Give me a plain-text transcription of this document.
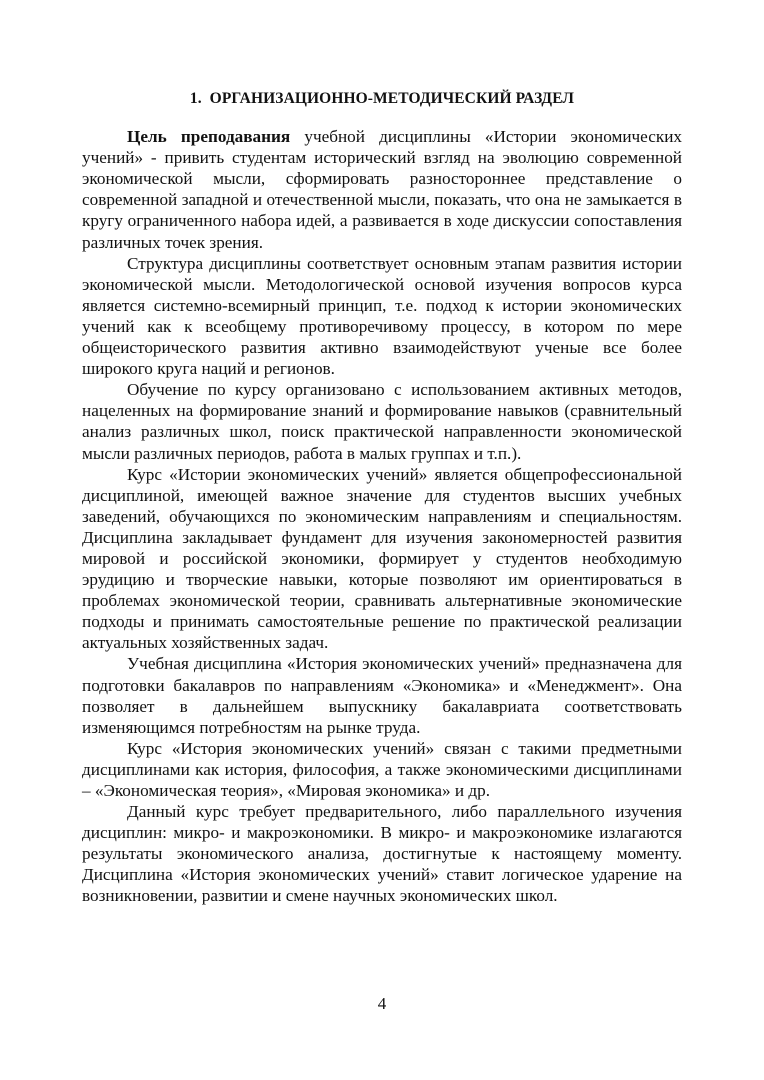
1.  ОРГАНИЗАЦИОННО-МЕТОДИЧЕСКИЙ РАЗДЕЛ

Цель преподавания учебной дисциплины «Истории экономических учений» - привить студентам исторический взгляд на эволюцию современной экономической мысли, сформировать разностороннее представление о современной западной и отечественной мысли, показать, что она не замыкается в кругу ограниченного набора идей, а развивается в ходе дискуссии сопоставления различных точек зрения.

Структура дисциплины соответствует основным этапам развития истории экономической мысли. Методологической основой изучения вопросов курса является системно-всемирный принцип, т.е. подход к истории экономических учений как к всеобщему противоречивому процессу, в котором по мере общеисторического развития активно взаимодействуют ученые все более широкого круга наций и регионов.

Обучение по курсу организовано с использованием активных методов, нацеленных на формирование знаний и формирование навыков (сравнительный анализ различных школ, поиск практической направленности экономической мысли различных периодов, работа в малых группах и т.п.).

Курс «Истории экономических учений» является общепрофессиональной дисциплиной, имеющей важное значение для студентов высших учебных заведений, обучающихся по экономическим направлениям и специальностям. Дисциплина закладывает фундамент для изучения закономерностей развития мировой и российской экономики, формирует у студентов необходимую эрудицию и творческие навыки, которые позволяют им ориентироваться в проблемах экономической теории, сравнивать альтернативные экономические подходы и принимать самостоятельные решение по практической реализации актуальных хозяйственных задач.

Учебная дисциплина «История экономических учений» предназначена для подготовки бакалавров по направлениям «Экономика» и «Менеджмент». Она позволяет в дальнейшем выпускнику бакалавриата соответствовать изменяющимся потребностям на рынке труда.

Курс «История экономических учений» связан с такими предметными дисциплинами как история, философия, а также экономическими дисциплинами – «Экономическая теория», «Мировая экономика» и др.

Данный курс требует предварительного, либо параллельного изучения дисциплин: микро- и макроэкономики. В микро- и макроэкономике излагаются результаты экономического анализа, достигнутые к настоящему моменту. Дисциплина «История экономических учений» ставит логическое ударение на возникновении, развитии и смене научных экономических школ.

4
